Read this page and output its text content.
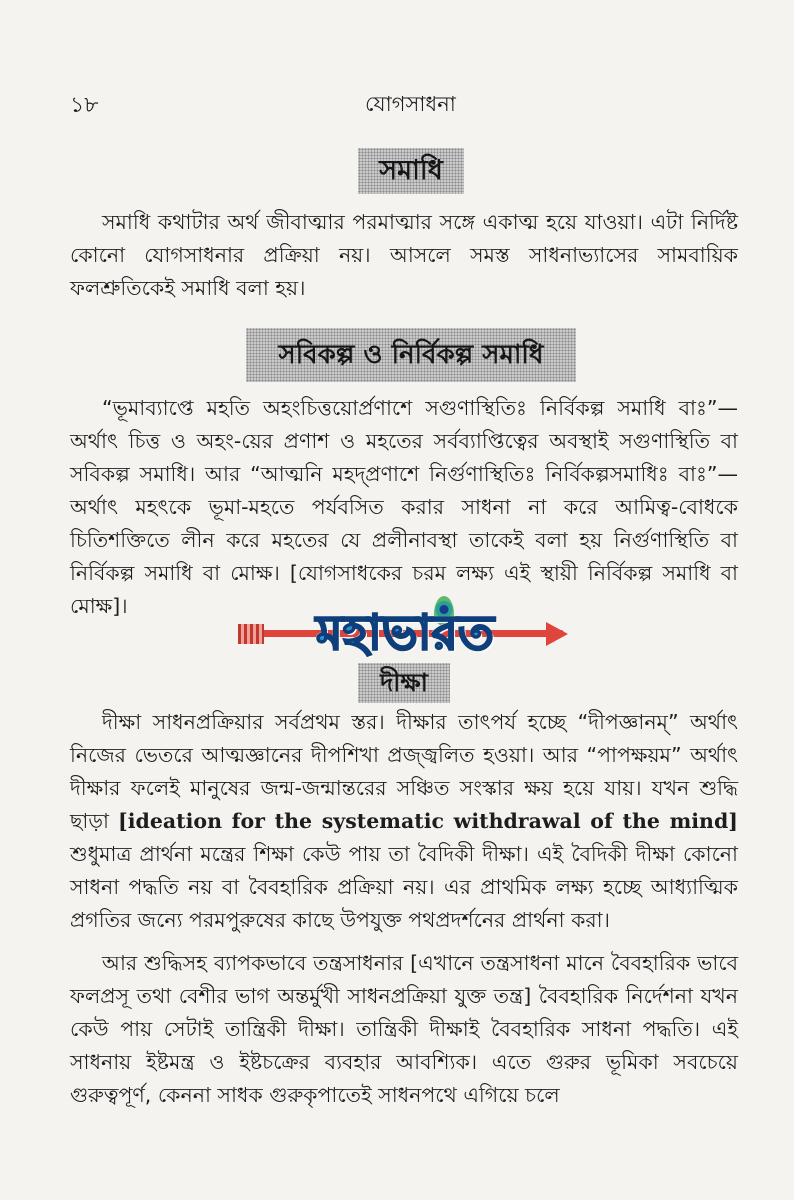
১৮	যোগসাধনা
সমাধি

সমাধি কথাটার অর্থ জীবাত্মার পরমাত্মার সঙ্গে একাত্ম হয়ে যাওয়া। এটা নির্দিষ্ট কোনো যোগসাধনার প্রক্রিয়া নয়। আসলে সমস্ত সাধনাভ্যাসের সামবায়িক ফলশ্রুতিকেই সমাধি বলা হয়।

সবিকল্প ও নির্বিকল্প সমাধি

“ভূমাব্যাপ্তে মহতি অহংচিত্তয়োর্প্রণাশে সগুণাস্থিতিঃ নির্বিকল্প সমাধি বাঃ”— অর্থাৎ চিত্ত ও অহং-য়ের প্রণাশ ও মহতের সর্বব্যাপ্তিত্বের অবস্থাই সগুণাস্থিতি বা সবিকল্প সমাধি। আর “আত্মনি মহদ্‌প্রণাশে নির্গুণাস্থিতিঃ নির্বিকল্পসমাধিঃ বাঃ”—অর্থাৎ মহৎকে ভূমা-মহতে পর্যবসিত করার সাধনা না করে আমিত্ব-বোধকে চিতিশক্তিতে লীন করে মহতের যে প্রলীনাবস্থা তাকেই বলা হয় নির্গুণাস্থিতি বা নির্বিকল্প সমাধি বা মোক্ষ। [যোগসাধকের চরম লক্ষ্য এই স্থায়ী নির্বিকল্প সমাধি বা মোক্ষ]।

দীক্ষা

দীক্ষা সাধনপ্রক্রিয়ার সর্বপ্রথম স্তর। দীক্ষার তাৎপর্য হচ্ছে “দীপজ্ঞানম্” অর্থাৎ নিজের ভেতরে আত্মজ্ঞানের দীপশিখা প্রজ্জ্বলিত হওয়া। আর “পাপক্ষয়ম” অর্থাৎ দীক্ষার ফলেই মানুষের জন্ম-জন্মান্তরের সঞ্চিত সংস্কার ক্ষয় হয়ে যায়। যখন শুদ্ধি ছাড়া [ideation for the systematic withdrawal of the mind] শুধুমাত্র প্রার্থনা মন্ত্রের শিক্ষা কেউ পায় তা বৈদিকী দীক্ষা। এই বৈদিকী দীক্ষা কোনো সাধনা পদ্ধতি নয় বা বৈবহারিক প্রক্রিয়া নয়। এর প্রাথমিক লক্ষ্য হচ্ছে আধ্যাত্মিক প্রগতির জন্যে পরমপুরুষের কাছে উপযুক্ত পথপ্রদর্শনের প্রার্থনা করা।

আর শুদ্ধিসহ ব্যাপকভাবে তন্ত্রসাধনার [এখানে তন্ত্রসাধনা মানে বৈবহারিক ভাবে ফলপ্রসূ তথা বেশীর ভাগ অন্তর্মুখী সাধনপ্রক্রিয়া যুক্ত তন্ত্র] বৈবহারিক নির্দেশনা যখন কেউ পায় সেটাই তান্ত্রিকী দীক্ষা। তান্ত্রিকী দীক্ষাই বৈবহারিক সাধনা পদ্ধতি। এই সাধনায় ইষ্টমন্ত্র ও ইষ্টচক্রের ব্যবহার আবশ্যিক। এতে গুরুর ভূমিকা সবচেয়ে গুরুত্বপূর্ণ, কেননা সাধক গুরুকৃপাতেই সাধনপথে এগিয়ে চলে

মহাভারত
